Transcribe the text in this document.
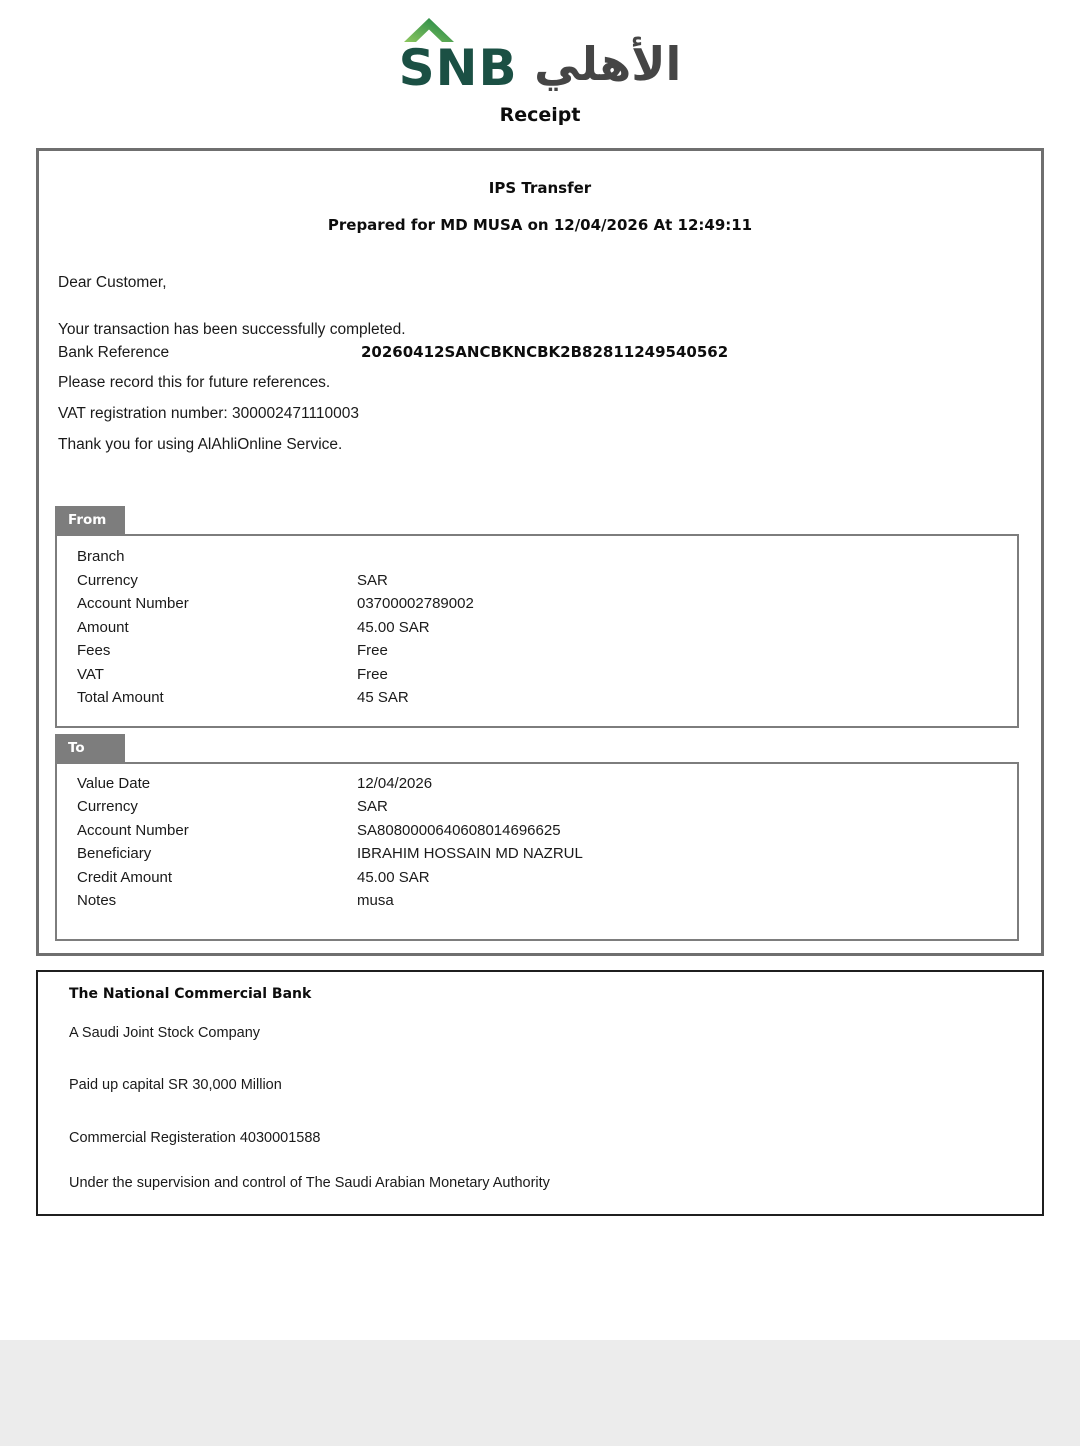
SNB الأهلي
Receipt
IPS Transfer
Prepared for MD MUSA on 12/04/2026 At 12:49:11
Dear Customer,
Your transaction has been successfully completed.
Bank Reference	20260412SANCBKNCBK2B82811249540562
Please record this for future references.
VAT registration number: 300002471110003
Thank you for using AlAhliOnline Service.
From
Branch
Currency	SAR
Account Number	03700002789002
Amount	45.00 SAR
Fees	Free
VAT	Free
Total Amount	45 SAR
To
Value Date	12/04/2026
Currency	SAR
Account Number	SA8080000640608014696625
Beneficiary	IBRAHIM HOSSAIN MD NAZRUL
Credit Amount	45.00 SAR
Notes	musa
The National Commercial Bank
A Saudi Joint Stock Company
Paid up capital SR 30,000 Million
Commercial Registeration 4030001588
Under the supervision and control of The Saudi Arabian Monetary Authority
